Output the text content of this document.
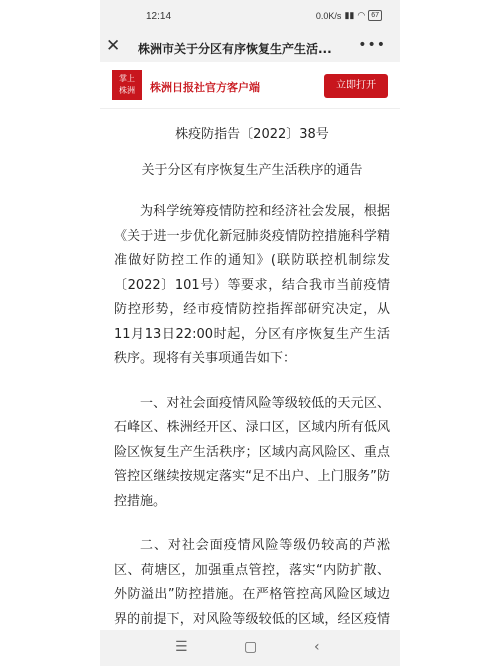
12:14	0.0K/s ▮▮ ◠ 67
✕ 株洲市关于分区有序恢复生产生活...	•••
掌上株洲 株洲日报社官方客户端	立即打开
株疫防指告〔2022〕38号
关于分区有序恢复生产生活秩序的通告

为科学统筹疫情防控和经济社会发展，根据《关于进一步优化新冠肺炎疫情防控措施科学精准做好防控工作的通知》(联防联控机制综发〔2022〕101号）等要求，结合我市当前疫情防控形势，经市疫情防控指挥部研究决定，从11月13日22:00时起，分区有序恢复生产生活秩序。现将有关事项通告如下：

一、对社会面疫情风险等级较低的天元区、石峰区、株洲经开区、渌口区，区域内所有低风险区恢复生产生活秩序；区域内高风险区、重点管控区继续按规定落实“足不出户、上门服务”防控措施。

二、对社会面疫情风险等级仍较高的芦淞区、荷塘区，加强重点管控，落实“内防扩散、外防溢出”防控措施。在严格管控高风险区域边界的前提下，对风险等级较低的区域，经区疫情

☰	▢	‹
